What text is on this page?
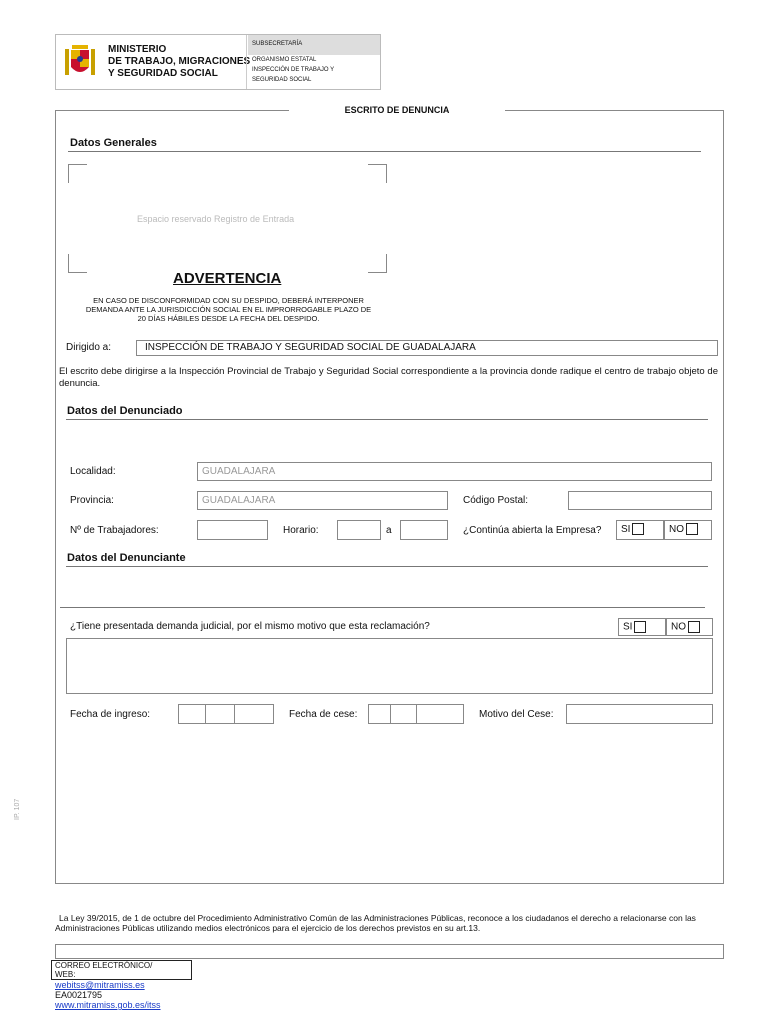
MINISTERIO
DE TRABAJO, MIGRACIONES
Y SEGURIDAD SOCIAL
SUBSECRETARÍA
ORGANISMO ESTATAL
INSPECCIÓN DE TRABAJO Y
SEGURIDAD SOCIAL
ESCRITO DE DENUNCIA
Datos Generales
Espacio reservado Registro de Entrada
ADVERTENCIA
EN CASO DE DISCONFORMIDAD CON SU DESPIDO, DEBERÁ INTERPONER
DEMANDA ANTE LA JURISDICCIÓN SOCIAL EN EL IMPRORROGABLE PLAZO DE
20 DÍAS HÁBILES DESDE LA FECHA DEL DESPIDO.
Dirigido a:	INSPECCIÓN DE TRABAJO Y SEGURIDAD SOCIAL DE GUADALAJARA
El escrito debe dirigirse a la Inspección Provincial de Trabajo y Seguridad Social correspondiente a la provincia donde radique el centro de trabajo objeto de denuncia.
Datos del Denunciado
Localidad:	GUADALAJARA
Provincia:	GUADALAJARA	Código Postal:
Nº de Trabajadores:	Horario:	a	¿Continúa abierta la Empresa?	SI	NO
Datos del Denunciante
¿Tiene presentada demanda judicial, por el mismo motivo que esta reclamación?	SI	NO
Fecha de ingreso:	Fecha de cese:	Motivo del Cese:
IP. 107
La Ley 39/2015, de 1 de octubre del Procedimiento Administrativo Común de las Administraciones Públicas, reconoce a los ciudadanos el derecho a relacionarse con las Administraciones Públicas utilizando medios electrónicos para el ejercicio de los derechos previstos en su art.13.
CORREO ELECTRÓNICO/
WEB:
webitss@mitramiss.es
EA0021795
www.mitramiss.gob.es/itss
